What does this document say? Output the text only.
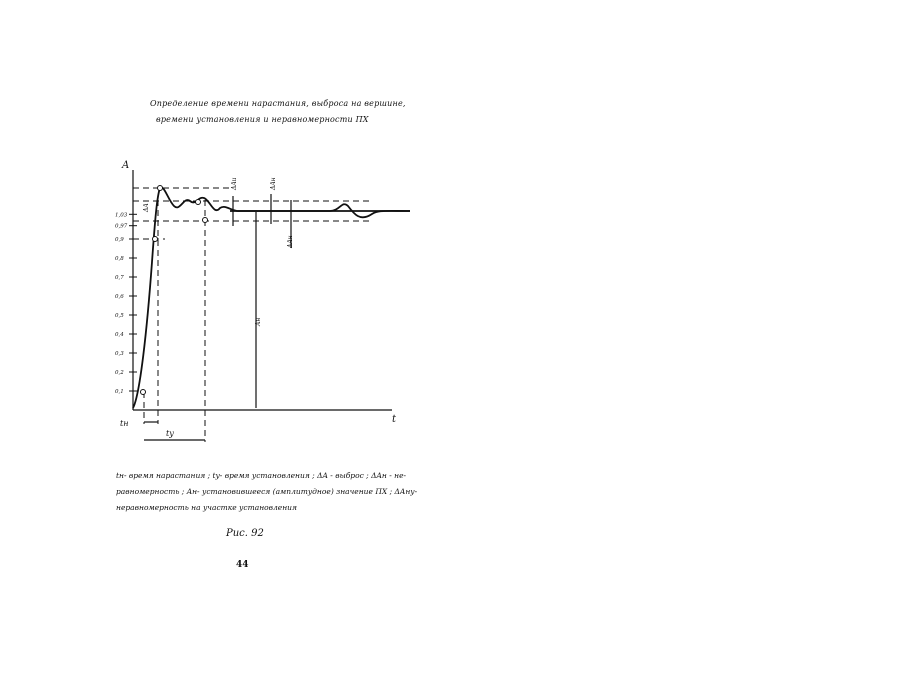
Определение времени нарастания, выброса на вершине,
времени установления и неравномерности ПХ
0,1
0,2
0,3
0,4
0,5
0,6
0,7
0,8
0,9
0,97
1,03
A
t
ΔA
ΔAu	ΔAн
ΔAн
Aн
tн
ty
tн- время нарастания ; ty- время установления ; ΔA - выброс ; ΔAн - не-
равномерность ; Aн- установившееся (амплитудное) значение ПХ ; ΔAну-
неравномерность на участке установления
Рис. 92
44
